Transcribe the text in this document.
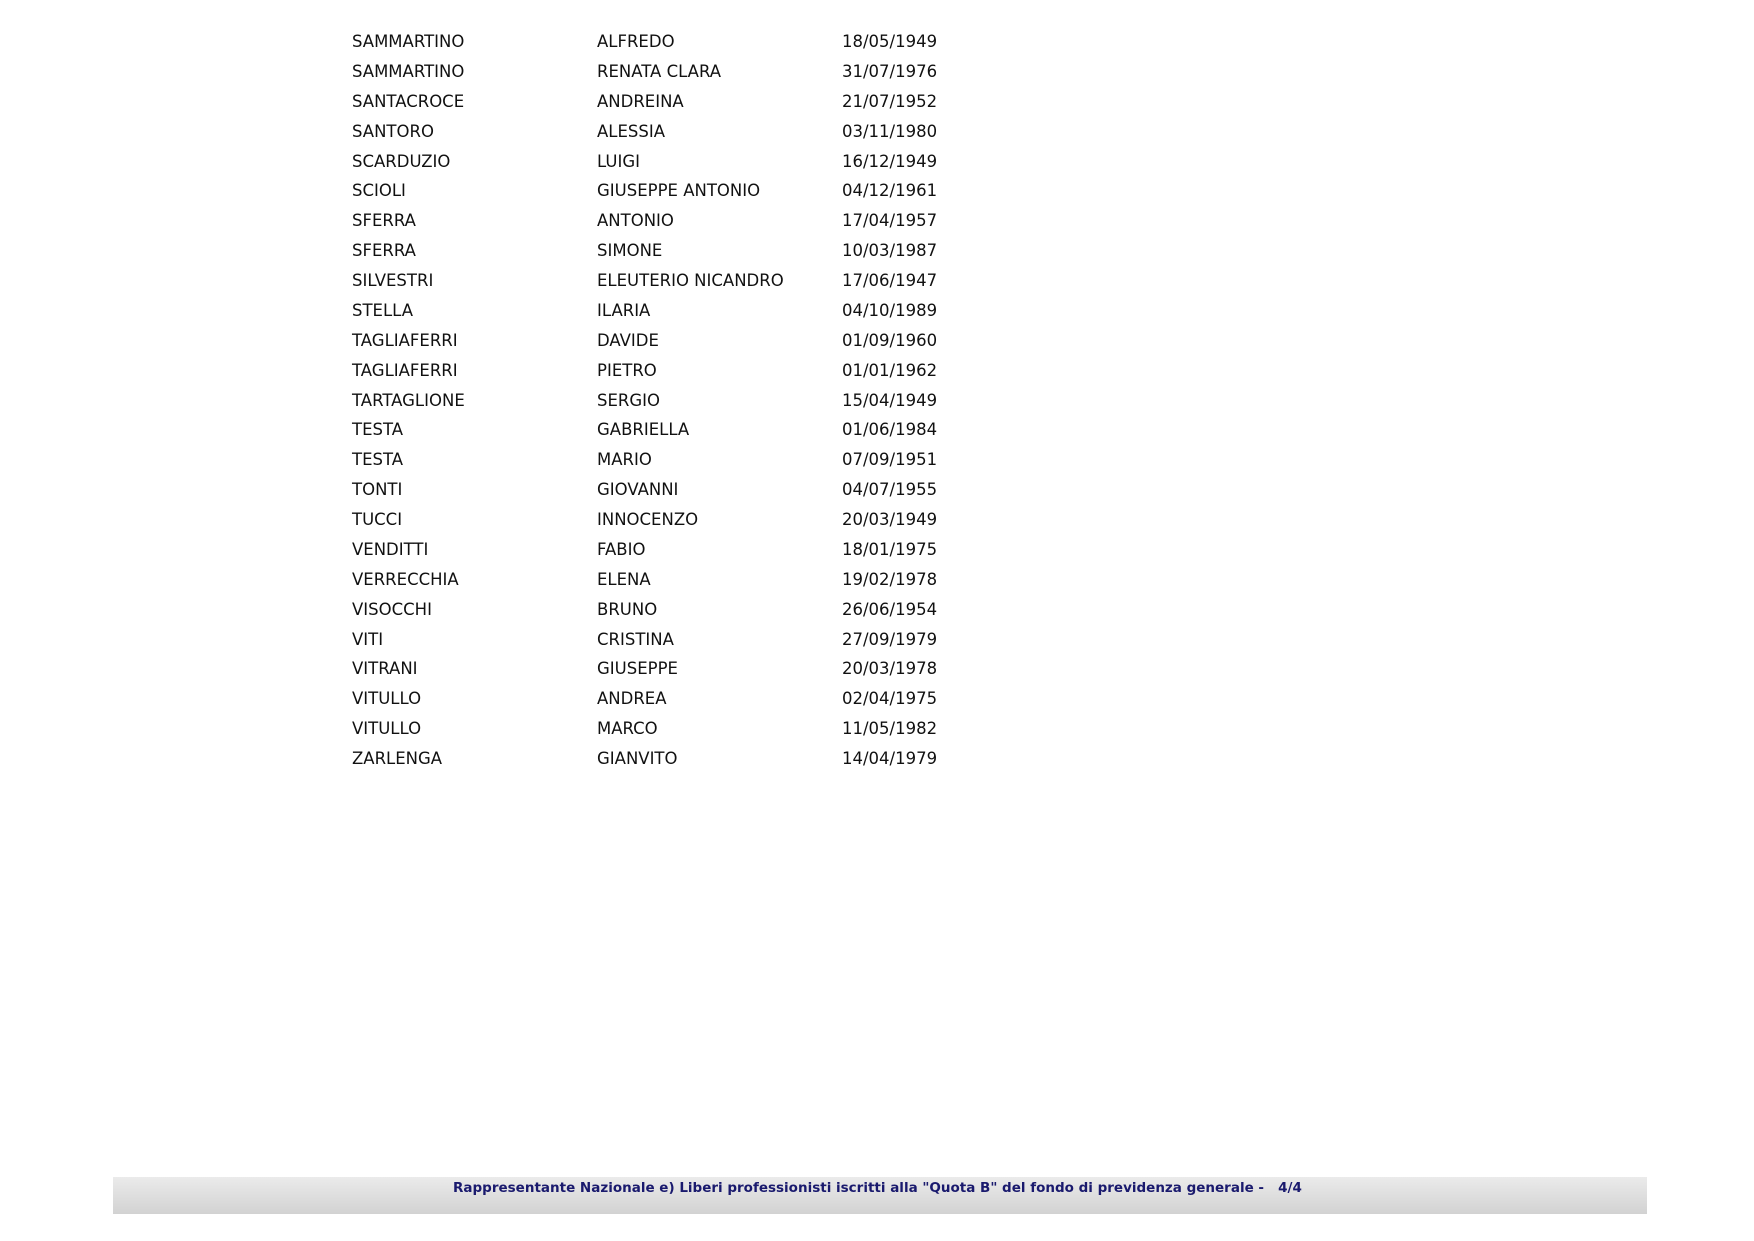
SAMMARTINO	ALFREDO	18/05/1949
SAMMARTINO	RENATA CLARA	31/07/1976
SANTACROCE	ANDREINA	21/07/1952
SANTORO	ALESSIA	03/11/1980
SCARDUZIO	LUIGI	16/12/1949
SCIOLI	GIUSEPPE ANTONIO	04/12/1961
SFERRA	ANTONIO	17/04/1957
SFERRA	SIMONE	10/03/1987
SILVESTRI	ELEUTERIO NICANDRO	17/06/1947
STELLA	ILARIA	04/10/1989
TAGLIAFERRI	DAVIDE	01/09/1960
TAGLIAFERRI	PIETRO	01/01/1962
TARTAGLIONE	SERGIO	15/04/1949
TESTA	GABRIELLA	01/06/1984
TESTA	MARIO	07/09/1951
TONTI	GIOVANNI	04/07/1955
TUCCI	INNOCENZO	20/03/1949
VENDITTI	FABIO	18/01/1975
VERRECCHIA	ELENA	19/02/1978
VISOCCHI	BRUNO	26/06/1954
VITI	CRISTINA	27/09/1979
VITRANI	GIUSEPPE	20/03/1978
VITULLO	ANDREA	02/04/1975
VITULLO	MARCO	11/05/1982
ZARLENGA	GIANVITO	14/04/1979
Rappresentante Nazionale e) Liberi professionisti iscritti alla "Quota B" del fondo di previdenza generale -   4/4
